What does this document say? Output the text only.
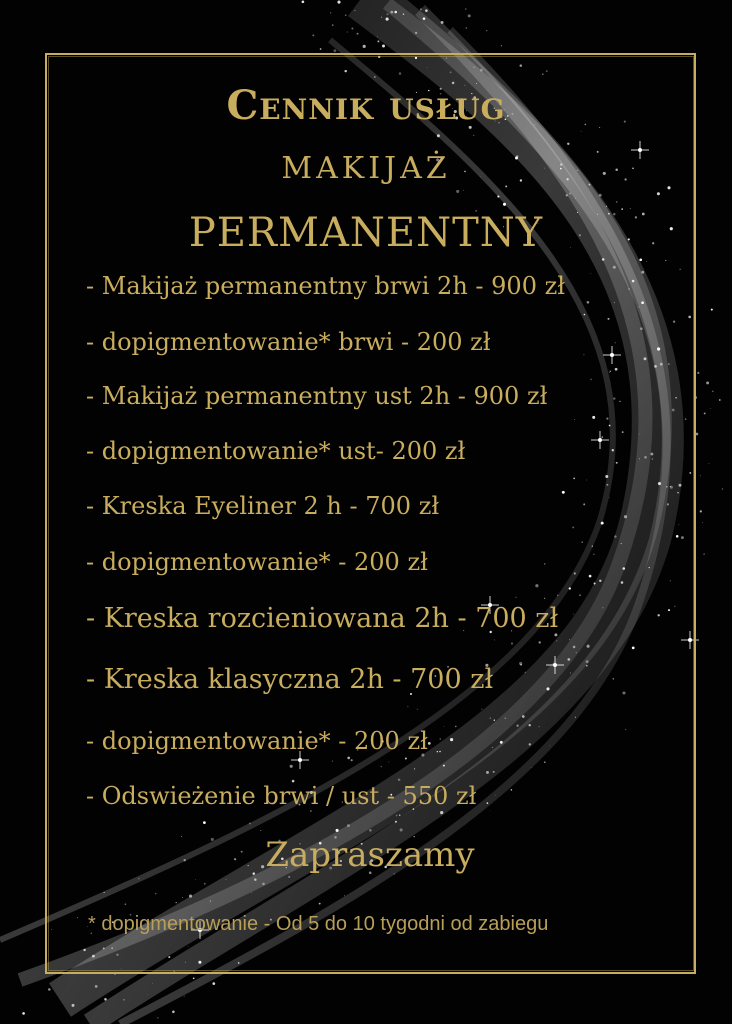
Cennik usług
MAKIJAŻ
PERMANENTNY
- Makijaż permanentny brwi 2h - 900 zł
- dopigmentowanie* brwi - 200 zł
- Makijaż permanentny ust 2h - 900 zł
- dopigmentowanie* ust- 200 zł
- Kreska Eyeliner 2 h - 700 zł
- dopigmentowanie* - 200 zł
- Kreska rozcieniowana 2h - 700 zł
- Kreska klasyczna 2h - 700 zł
- dopigmentowanie* - 200 zł
- Odswieżenie brwi / ust - 550 zł
Zapraszamy
* dopigmentowanie - Od 5 do 10 tygodni od zabiegu
